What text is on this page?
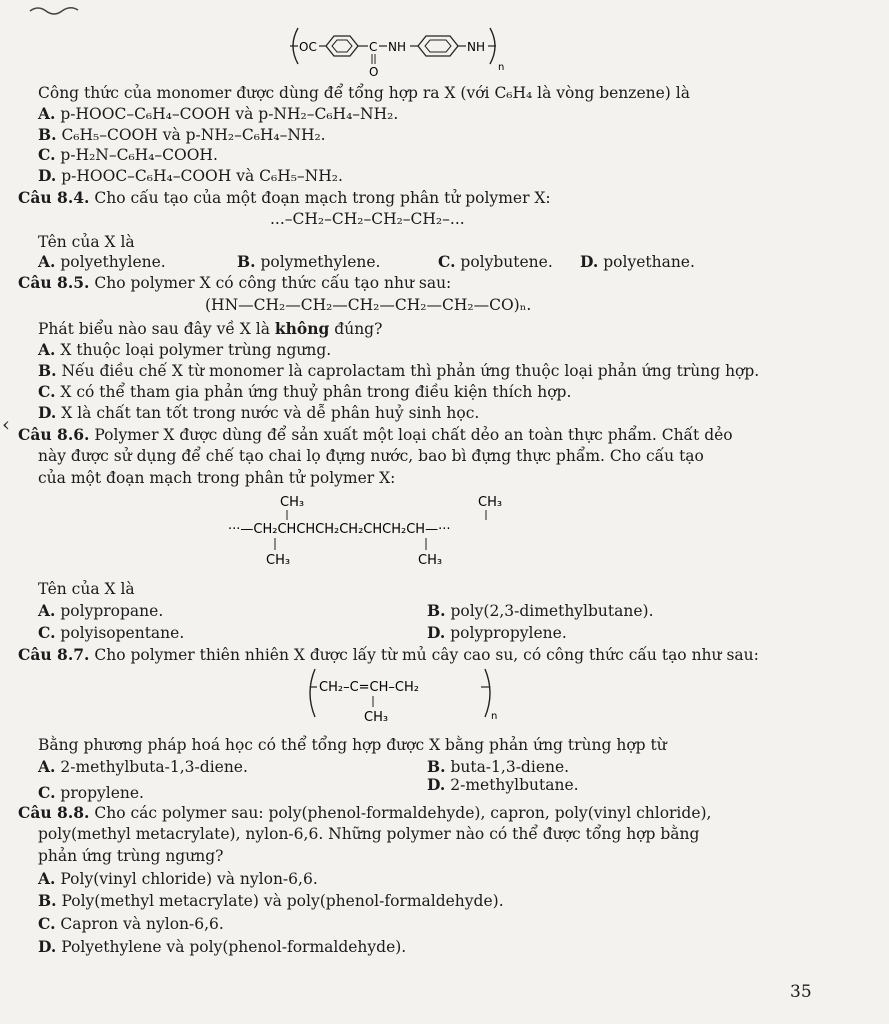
OC	C
O
NH	NH
n
Công thức của monomer được dùng để tổng hợp ra X (với C₆H₄ là vòng benzene) là
A. p-HOOC–C₆H₄–COOH và p-NH₂–C₆H₄–NH₂.
B. C₆H₅–COOH và p-NH₂–C₆H₄–NH₂.
C. p-H₂N–C₆H₄–COOH.
D. p-HOOC–C₆H₄–COOH và C₆H₅–NH₂.
Câu 8.4. Cho cấu tạo của một đoạn mạch trong phân tử polymer X:
...–CH₂–CH₂–CH₂–CH₂–...
Tên của X là
A. polyethylene.	B. polymethylene.	C. polybutene. D. polyethane.
Câu 8.5. Cho polymer X có công thức cấu tạo như sau:
(HN—CH₂—CH₂—CH₂—CH₂—CH₂—CO)ₙ.
Phát biểu nào sau đây về X là không đúng?
A. X thuộc loại polymer trùng ngưng.
B. Nếu điều chế X từ monomer là caprolactam thì phản ứng thuộc loại phản ứng trùng hợp.
C. X có thể tham gia phản ứng thuỷ phân trong điều kiện thích hợp.
D. X là chất tan tốt trong nước và dễ phân huỷ sinh học.
‹ Câu 8.6. Polymer X được dùng để sản xuất một loại chất dẻo an toàn thực phẩm. Chất dẻo
này được sử dụng để chế tạo chai lọ đựng nước, bao bì đựng thực phẩm. Cho cấu tạo
của một đoạn mạch trong phân tử polymer X:
CH₃	CH₃
···—CH₂CHCHCH₂CH₂CHCH₂CH—···
CH₃	CH₃
Tên của X là
A. polypropane.	B. poly(2,3-dimethylbutane).
C. polyisopentane.	D. polypropylene.
Câu 8.7. Cho polymer thiên nhiên X được lấy từ mủ cây cao su, có công thức cấu tạo như sau:
CH₂–C=CH–CH₂
n
CH₃
Bằng phương pháp hoá học có thể tổng hợp được X bằng phản ứng trùng hợp từ
A. 2-methylbuta-1,3-diene.	B. buta-1,3-diene.
C. propylene.	D. 2-methylbutane.
Câu 8.8. Cho các polymer sau: poly(phenol-formaldehyde), capron, poly(vinyl chloride),
poly(methyl metacrylate), nylon-6,6. Những polymer nào có thể được tổng hợp bằng
phản ứng trùng ngưng?
A. Poly(vinyl chloride) và nylon-6,6.
B. Poly(methyl metacrylate) và poly(phenol-formaldehyde).
C. Capron và nylon-6,6.
D. Polyethylene và poly(phenol-formaldehyde).
35
